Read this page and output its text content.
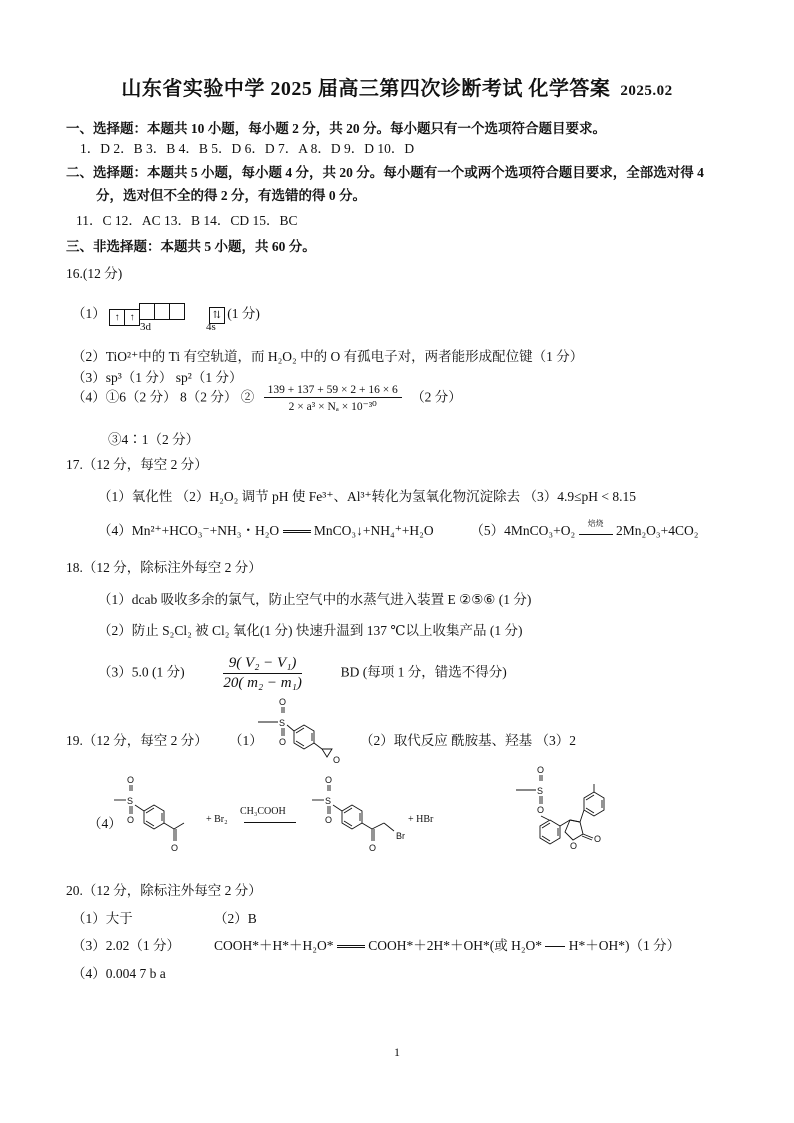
山东省实验中学 2025 届高三第四次诊断考试 化学答案 2025.02
一、选择题：本题共 10 小题，每小题 2 分，共 20 分。每小题只有一个选项符合题目要求。
1．D 2．B 3．B 4．B 5．D 6．D 7．A 8．D 9．D 10．D
二、选择题：本题共 5 小题，每小题 4 分，共 20 分。每小题有一个或两个选项符合题目要求，全部选对得 4
分，选对但不全的得 2 分，有选错的得 0 分。
11．C 12．AC 13．B 14．CD 15．BC
三、非选择题：本题共 5 小题，共 60 分。
16.(12 分)
（1） ↑ ↑	⇅ (1 分)
3d	4s
（2）TiO²⁺中的 Ti 有空轨道，而 H₂O₂ 中的 O 有孤电子对，两者能形成配位键（1 分）
（3）sp³（1 分） sp²（1 分）
（4）①6（2 分） 8（2 分） ② $\frac{139 + 137 + 59 \times 2 + 16 \times 6}{\text{2 × a³ × Nₐ × 10⁻³⁰}} (2$ 分）
③4∶1（2 分）
17.（12 分，每空 2 分）
（1）氧化性 （2）H₂O₂ 调节 pH 使 Fe³⁺、Al³⁺转化为氢氧化物沉淀除去 （3）4.9≤pH < 8.15
（4）Mn²⁺+HCO₃⁻+NH₃・H₂O	MnCO₃↓+NH₄⁺+H₂O	（5）4MnCO₃+O₂	焙烧 2Mn₂O₃+4CO₂
18.（12 分，除标注外每空 2 分）
（1）dcab 吸收多余的氯气，防止空气中的水蒸气进入装置 E ②⑤⑥ (1 分)
（2）防止 S₂Cl₂ 被 Cl₂ 氧化(1 分) 快速升温到 137 ℃以上收集产品 (1 分)
（3）5.0 (1 分)	$\frac{\text{9( V₂ − V₁)}}{\text{20( m₂ − m₁)}}$	BD (每项 1 分，错选不得分)
19.（12 分，每空 2 分） （1）	（2）取代反应 酰胺基、羟基 （3）2
O
S
O
O
（4）
O
S
O
O
+ Br₂
CH₃COOH
O
S
O
O
Br
+ HBr
O
S
O
O
O
20.（12 分，除标注外每空 2 分）
（1）大于	（2）B
（3）2.02（1 分）	COOH*＋H*＋H₂O*	COOH*＋2H*＋OH*(或 H₂O* H*＋OH*)（1 分）
（4）0.004 7 b a
1
